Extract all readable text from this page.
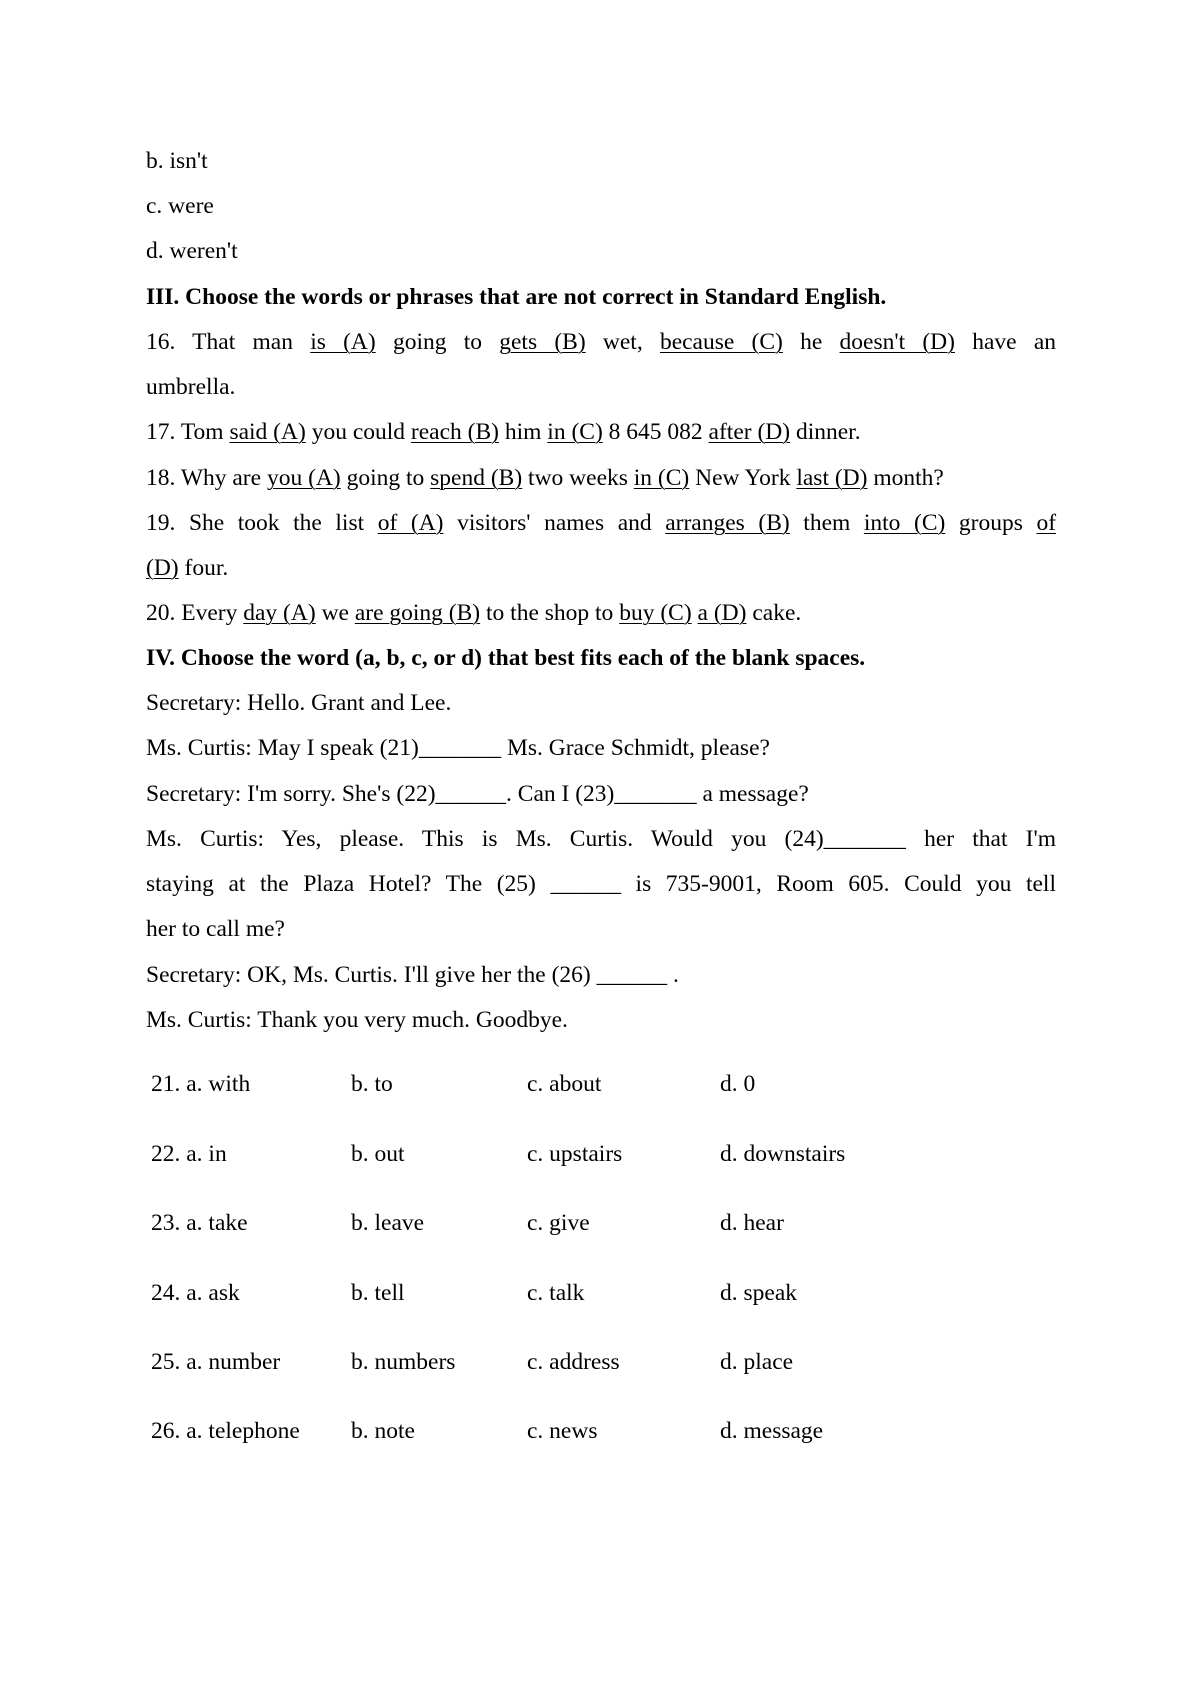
b. isn't
c. were
d. weren't
III. Choose the words or phrases that are not correct in Standard English.
16. That man is (A) going to gets (B) wet, because (C) he doesn't (D) have an
umbrella.
17. Tom said (A) you could reach (B) him in (C) 8 645 082 after (D) dinner.
18. Why are you (A) going to spend (B) two weeks in (C) New York last (D) month?
19. She took the list of (A) visitors' names and arranges (B) them into (C) groups of
(D) four.
20. Every day (A) we are going (B) to the shop to buy (C) a (D) cake.
IV. Choose the word (a, b, c, or d) that best fits each of the blank spaces.
Secretary: Hello. Grant and Lee.
Ms. Curtis: May I speak (21)_______ Ms. Grace Schmidt, please?
Secretary: I'm sorry. She's (22)______. Can I (23)_______ a message?
Ms. Curtis: Yes, please. This is Ms. Curtis. Would you (24)_______ her that I'm
staying at the Plaza Hotel? The (25) ______ is 735-9001, Room 605. Could you tell
her to call me?
Secretary: OK, Ms. Curtis. I'll give her the (26) ______ .
Ms. Curtis: Thank you very much. Goodbye.
21. a. with	b. to	c. about	d. 0
22. a. in	b. out	c. upstairs	d. downstairs
23. a. take	b. leave	c. give	d. hear
24. a. ask	b. tell	c. talk	d. speak
25. a. number	b. numbers	c. address	d. place
26. a. telephone b. note	c. news	d. message
